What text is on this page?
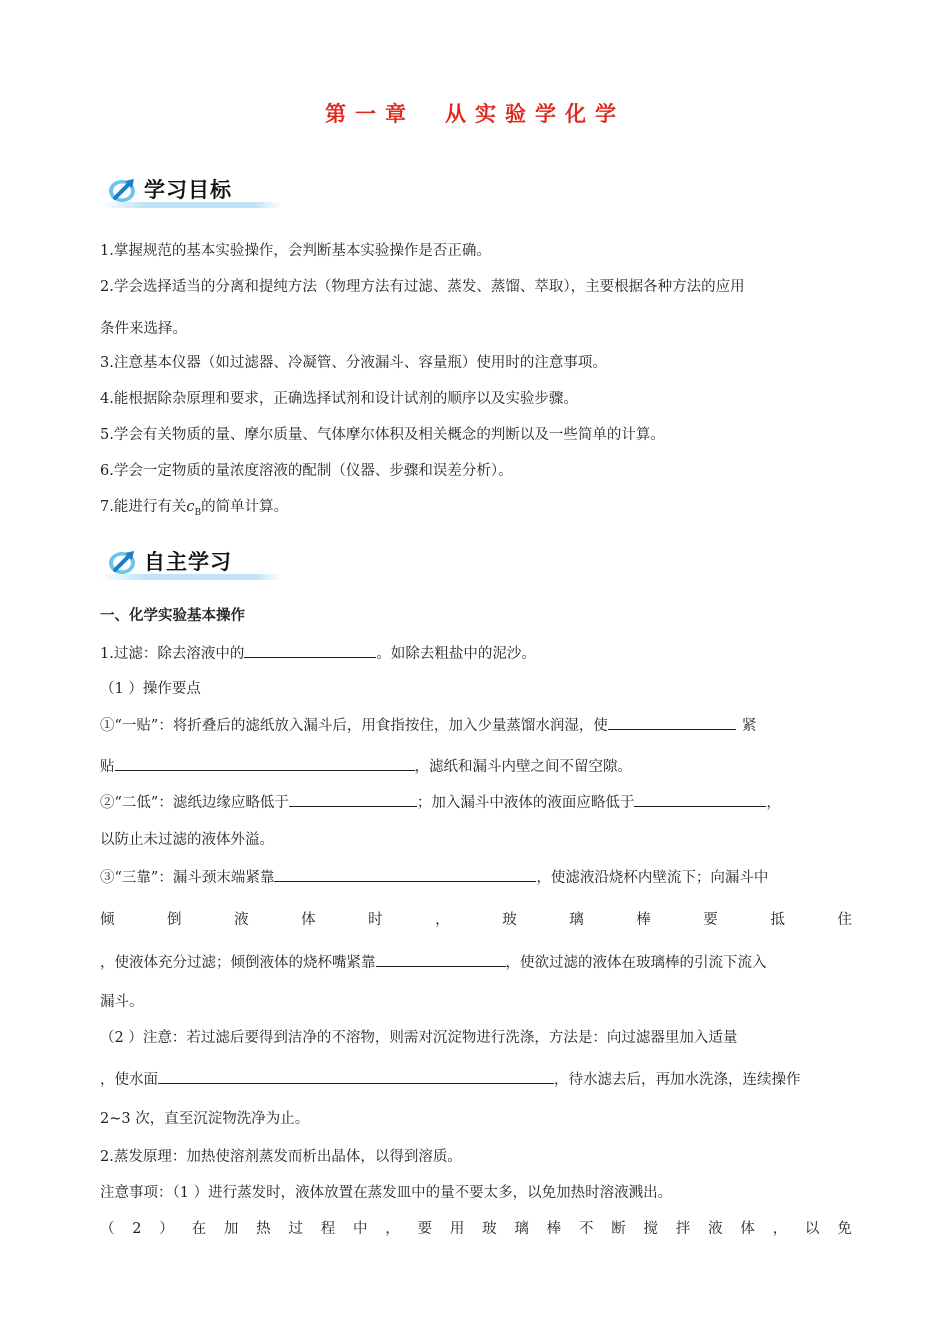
第一章　从实验学化学
学习目标
1.掌握规范的基本实验操作，会判断基本实验操作是否正确。
2.学会选择适当的分离和提纯方法（物理方法有过滤、蒸发、蒸馏、萃取），主要根据各种方法的应用
条件来选择。
3.注意基本仪器（如过滤器、冷凝管、分液漏斗、容量瓶）使用时的注意事项。
4.能根据除杂原理和要求，正确选择试剂和设计试剂的顺序以及实验步骤。
5.学会有关物质的量、摩尔质量、气体摩尔体积及相关概念的判断以及一些简单的计算。
6.学会一定物质的量浓度溶液的配制（仪器、步骤和误差分析）。
7.能进行有关$c_B$的简单计算。
自主学习
一、化学实验基本操作
1.过滤：除去溶液中的	。如除去粗盐中的泥沙。
（1 ）操作要点
①“一贴”：将折叠后的滤纸放入漏斗后，用食指按住，加入少量蒸馏水润湿，使	紧
贴	，滤纸和漏斗内壁之间不留空隙。
②“二低”：滤纸边缘应略低于	；加入漏斗中液体的液面应略低于	，
以防止未过滤的液体外溢。
③“三靠”：漏斗颈末端紧靠	，使滤液沿烧杯内壁流下；向漏斗中
倾	倒	液	体	时	，	玻	璃	棒	要	抵	住
，使液体充分过滤；倾倒液体的烧杯嘴紧靠	，使欲过滤的液体在玻璃棒的引流下流入
漏斗。
（2 ）注意：若过滤后要得到洁净的不溶物，则需对沉淀物进行洗涤，方法是：向过滤器里加入适量
，使水面	，待水滤去后，再加水洗涤，连续操作
2~3 次，直至沉淀物洗净为止。
2.蒸发原理：加热使溶剂蒸发而析出晶体，以得到溶质。
注意事项：（1 ）进行蒸发时，液体放置在蒸发皿中的量不要太多，以免加热时溶液溅出。
（ 2 ） 在 加 热 过 程 中 ， 要 用 玻 璃 棒 不 断 搅 拌 液 体 ， 以 免
